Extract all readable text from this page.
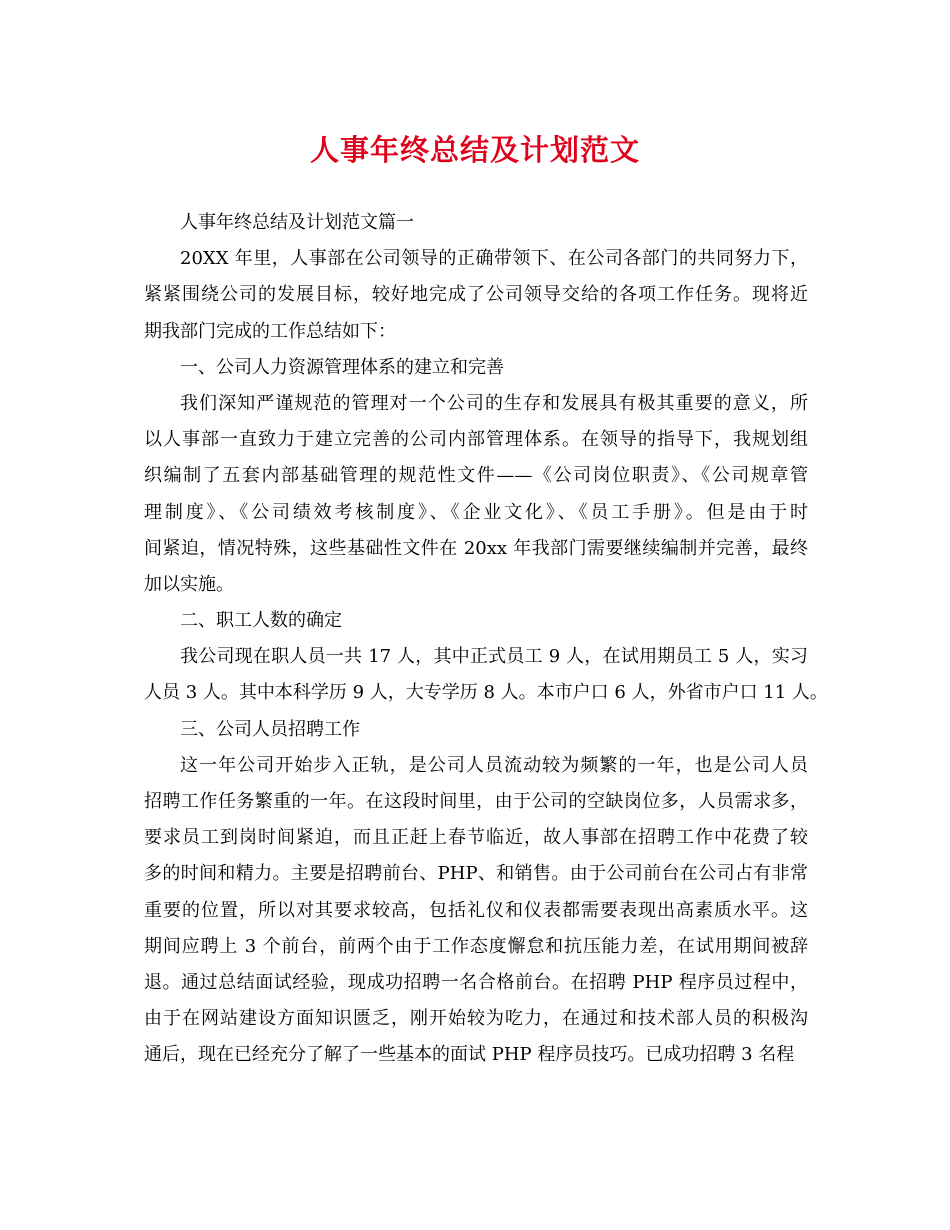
人事年终总结及计划范文
人事年终总结及计划范文篇一
20XX 年里，人事部在公司领导的正确带领下、在公司各部门的共同努力下，
紧紧围绕公司的发展目标，较好地完成了公司领导交给的各项工作任务。现将近
期我部门完成的工作总结如下：
一、公司人力资源管理体系的建立和完善
我们深知严谨规范的管理对一个公司的生存和发展具有极其重要的意义，所
以人事部一直致力于建立完善的公司内部管理体系。在领导的指导下，我规划组
织编制了五套内部基础管理的规范性文件——《公司岗位职责》、《公司规章管
理制度》、《公司绩效考核制度》、《企业文化》、《员工手册》。但是由于时
间紧迫，情况特殊，这些基础性文件在 20xx 年我部门需要继续编制并完善，最终
加以实施。
二、职工人数的确定
我公司现在职人员一共 17 人，其中正式员工 9 人，在试用期员工 5 人，实习
人员 3 人。其中本科学历 9 人，大专学历 8 人。本市户口 6 人，外省市户口 11 人。
三、公司人员招聘工作
这一年公司开始步入正轨，是公司人员流动较为频繁的一年，也是公司人员
招聘工作任务繁重的一年。在这段时间里，由于公司的空缺岗位多，人员需求多，
要求员工到岗时间紧迫，而且正赶上春节临近，故人事部在招聘工作中花费了较
多的时间和精力。主要是招聘前台、PHP、和销售。由于公司前台在公司占有非常
重要的位置，所以对其要求较高，包括礼仪和仪表都需要表现出高素质水平。这
期间应聘上 3 个前台，前两个由于工作态度懈怠和抗压能力差，在试用期间被辞
退。通过总结面试经验，现成功招聘一名合格前台。在招聘 PHP 程序员过程中，
由于在网站建设方面知识匮乏，刚开始较为吃力，在通过和技术部人员的积极沟
通后，现在已经充分了解了一些基本的面试 PHP 程序员技巧。已成功招聘 3 名程
